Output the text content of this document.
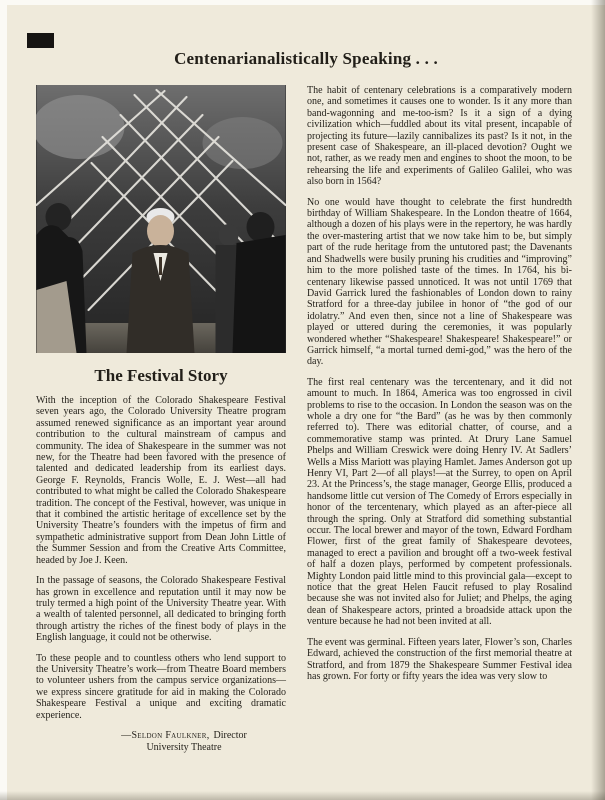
Centenarianalistically Speaking . . .
The Festival Story

With the inception of the Colorado Shakespeare Festival seven years ago, the Colorado University Theatre program assumed renewed significance as an important year around contribution to the cultural mainstream of campus and community. The idea of Shakespeare in the summer was not new, for the Theatre had been favored with the presence of talented and dedicated leadership from its earliest days. George F. Reynolds, Francis Wolle, E. J. West—all had contributed to what might be called the Colorado Shakespeare tradition. The concept of the Festival, however, was unique in that it combined the artistic heritage of excellence set by the University Theatre’s founders with the impetus of firm and sympathetic administrative support from Dean John Little of the Summer Session and from the Creative Arts Committee, headed by Joe J. Keen.

In the passage of seasons, the Colorado Shakespeare Festival has grown in excellence and reputation until it may now be truly termed a high point of the University Theatre year. With a wealth of talented personnel, all dedicated to bringing forth through artistry the riches of the finest body of plays in the English language, it could not be otherwise.

To these people and to countless others who lend support to the University Theatre’s work—from Theatre Board members to volunteer ushers from the campus service organizations—we express sincere gratitude for aid in making the Colorado Shakespeare Festival a unique and exciting dramatic experience.

—Seldon Faulkner, Director
University Theatre

The habit of centenary celebrations is a comparatively modern one, and sometimes it causes one to wonder. Is it any more than band-wagonning and me-too-ism? Is it a sign of a dying civilization which—fuddled about its vital present, incapable of projecting its future—lazily cannibalizes its past? Is it not, in the present case of Shakespeare, an ill-placed devotion? Ought we not, rather, as we ready men and engines to shoot the moon, to be rehearsing the life and experiments of Galileo Galilei, who was also born in 1564?

No one would have thought to celebrate the first hundredth birthday of William Shakespeare. In the London theatre of 1664, although a dozen of his plays were in the repertory, he was hardly the over-mastering artist that we now take him to be, but simply part of the rude heritage from the untutored past; the Davenants and Shadwells were busily pruning his crudities and “improving” him to the more polished taste of the times. In 1764, his bi-centenary likewise passed unnoticed. It was not until 1769 that David Garrick lured the fashionables of London down to rainy Stratford for a three-day jubilee in honor of “the god of our idolatry.” And even then, since not a line of Shakespeare was played or uttered during the ceremonies, it was popularly wondered whether “Shakespeare! Shakespeare! Shakespeare!” or Garrick himself, “a mortal turned demi-god,” was the hero of the day.

The first real centenary was the tercentenary, and it did not amount to much. In 1864, America was too engrossed in civil problems to rise to the occasion. In London the season was on the whole a dry one for “the Bard” (as he was by then commonly referred to). There was editorial chatter, of course, and a commemorative stamp was printed. At Drury Lane Samuel Phelps and William Creswick were doing Henry IV. At Sadlers’ Wells a Miss Mariott was playing Hamlet. James Anderson got up Henry VI, Part 2—of all plays!—at the Surrey, to open on April 23. At the Princess’s, the stage manager, George Ellis, produced a handsome little cut version of The Comedy of Errors especially in honor of the tercentenary, which played as an after-piece all through the spring. Only at Stratford did something substantial occur. The local brewer and mayor of the town, Edward Fordham Flower, first of the great family of Shakespeare devotees, managed to erect a pavilion and brought off a two-week festival of half a dozen plays, performed by competent professionals. Mighty London paid little mind to this provincial gala—except to notice that the great Helen Faucit refused to play Rosalind because she was not invited also for Juliet; and Phelps, the aging dean of Shakespeare actors, printed a broadside attack upon the venture because he had not been invited at all.

The event was germinal. Fifteen years later, Flower’s son, Charles Edward, achieved the construction of the first memorial theatre at Stratford, and from 1879 the Shakespeare Summer Festival idea has grown. For forty or fifty years the idea was very slow to
